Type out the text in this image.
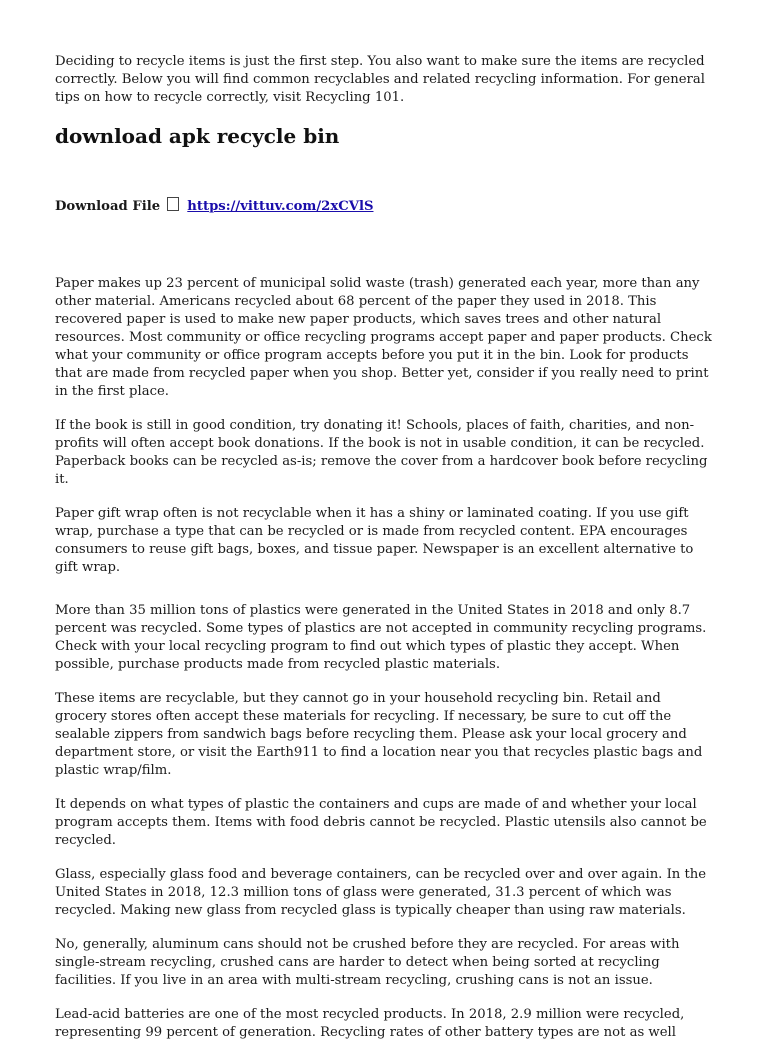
Deciding to recycle items is just the first step. You also want to make sure the items are recycled correctly. Below you will find common recyclables and related recycling information. For general tips on how to recycle correctly, visit Recycling 101.

download apk recycle bin
Download File https://vittuv.com/2xCVlS

Paper makes up 23 percent of municipal solid waste (trash) generated each year, more than any other material. Americans recycled about 68 percent of the paper they used in 2018. This recovered paper is used to make new paper products, which saves trees and other natural resources. Most community or office recycling programs accept paper and paper products. Check what your community or office program accepts before you put it in the bin. Look for products that are made from recycled paper when you shop. Better yet, consider if you really need to print in the first place.

If the book is still in good condition, try donating it! Schools, places of faith, charities, and non-profits will often accept book donations. If the book is not in usable condition, it can be recycled. Paperback books can be recycled as-is; remove the cover from a hardcover book before recycling it.

Paper gift wrap often is not recyclable when it has a shiny or laminated coating. If you use gift wrap, purchase a type that can be recycled or is made from recycled content. EPA encourages consumers to reuse gift bags, boxes, and tissue paper. Newspaper is an excellent alternative to gift wrap.

More than 35 million tons of plastics were generated in the United States in 2018 and only 8.7 percent was recycled. Some types of plastics are not accepted in community recycling programs. Check with your local recycling program to find out which types of plastic they accept. When possible, purchase products made from recycled plastic materials.

These items are recyclable, but they cannot go in your household recycling bin. Retail and grocery stores often accept these materials for recycling. If necessary, be sure to cut off the sealable zippers from sandwich bags before recycling them. Please ask your local grocery and department store, or visit the Earth911 to find a location near you that recycles plastic bags and plastic wrap/film.

It depends on what types of plastic the containers and cups are made of and whether your local program accepts them. Items with food debris cannot be recycled. Plastic utensils also cannot be recycled.

Glass, especially glass food and beverage containers, can be recycled over and over again. In the United States in 2018, 12.3 million tons of glass were generated, 31.3 percent of which was recycled. Making new glass from recycled glass is typically cheaper than using raw materials.

No, generally, aluminum cans should not be crushed before they are recycled. For areas with single-stream recycling, crushed cans are harder to detect when being sorted at recycling facilities. If you live in an area with multi-stream recycling, crushing cans is not an issue.

Lead-acid batteries are one of the most recycled products. In 2018, 2.9 million were recycled, representing 99 percent of generation. Recycling rates of other battery types are not as well
